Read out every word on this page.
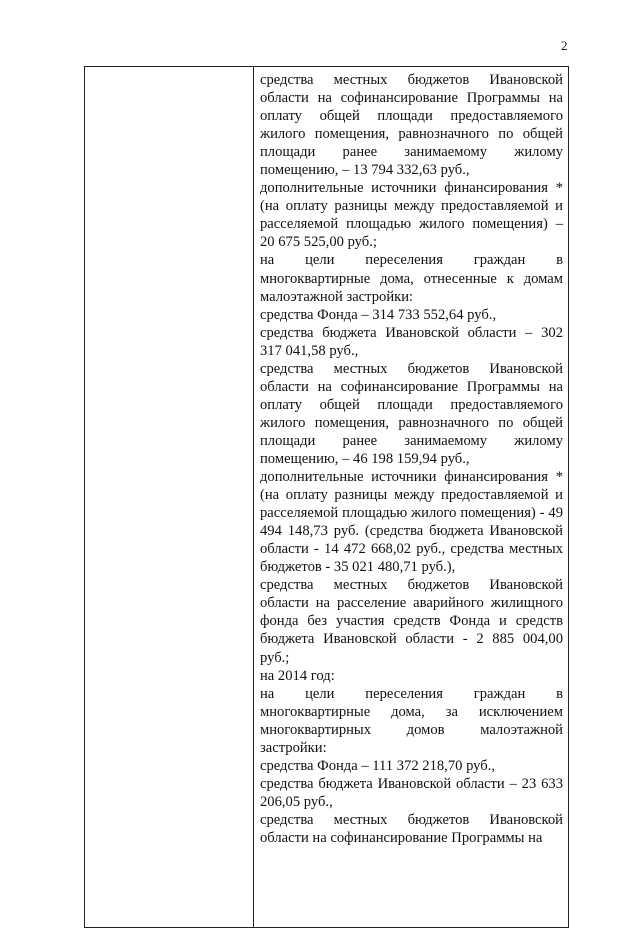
2

средства местных бюджетов Ивановской области на софинансирование Программы на оплату общей площади предоставляемого жилого помещения, равнозначного по общей площади ранее занимаемому жилому помещению, – 13 794 332,63 руб.,

дополнительные источники финансирования * (на оплату разницы между предоставляемой и расселяемой площадью жилого помещения) – 20 675 525,00 руб.;

на цели переселения граждан в многоквартирные дома, отнесенные к домам малоэтажной застройки:

средства Фонда – 314 733 552,64 руб.,

средства бюджета Ивановской области – 302 317 041,58 руб.,

средства местных бюджетов Ивановской области на софинансирование Программы на оплату общей площади предоставляемого жилого помещения, равнозначного по общей площади ранее занимаемому жилому помещению, – 46 198 159,94 руб.,

дополнительные источники финансирования * (на оплату разницы между предоставляемой и расселяемой площадью жилого помещения) - 49 494 148,73 руб. (средства бюджета Ивановской области - 14 472 668,02 руб., средства местных бюджетов - 35 021 480,71 руб.),

средства местных бюджетов Ивановской области на расселение аварийного жилищного фонда без участия средств Фонда и средств бюджета Ивановской области - 2 885 004,00 руб.;

на 2014 год:

на цели переселения граждан в многоквартирные дома, за исключением многоквартирных домов малоэтажной застройки:

средства Фонда – 111 372 218,70 руб.,

средства бюджета Ивановской области – 23 633 206,05 руб.,

средства местных бюджетов Ивановской области на софинансирование Программы на
